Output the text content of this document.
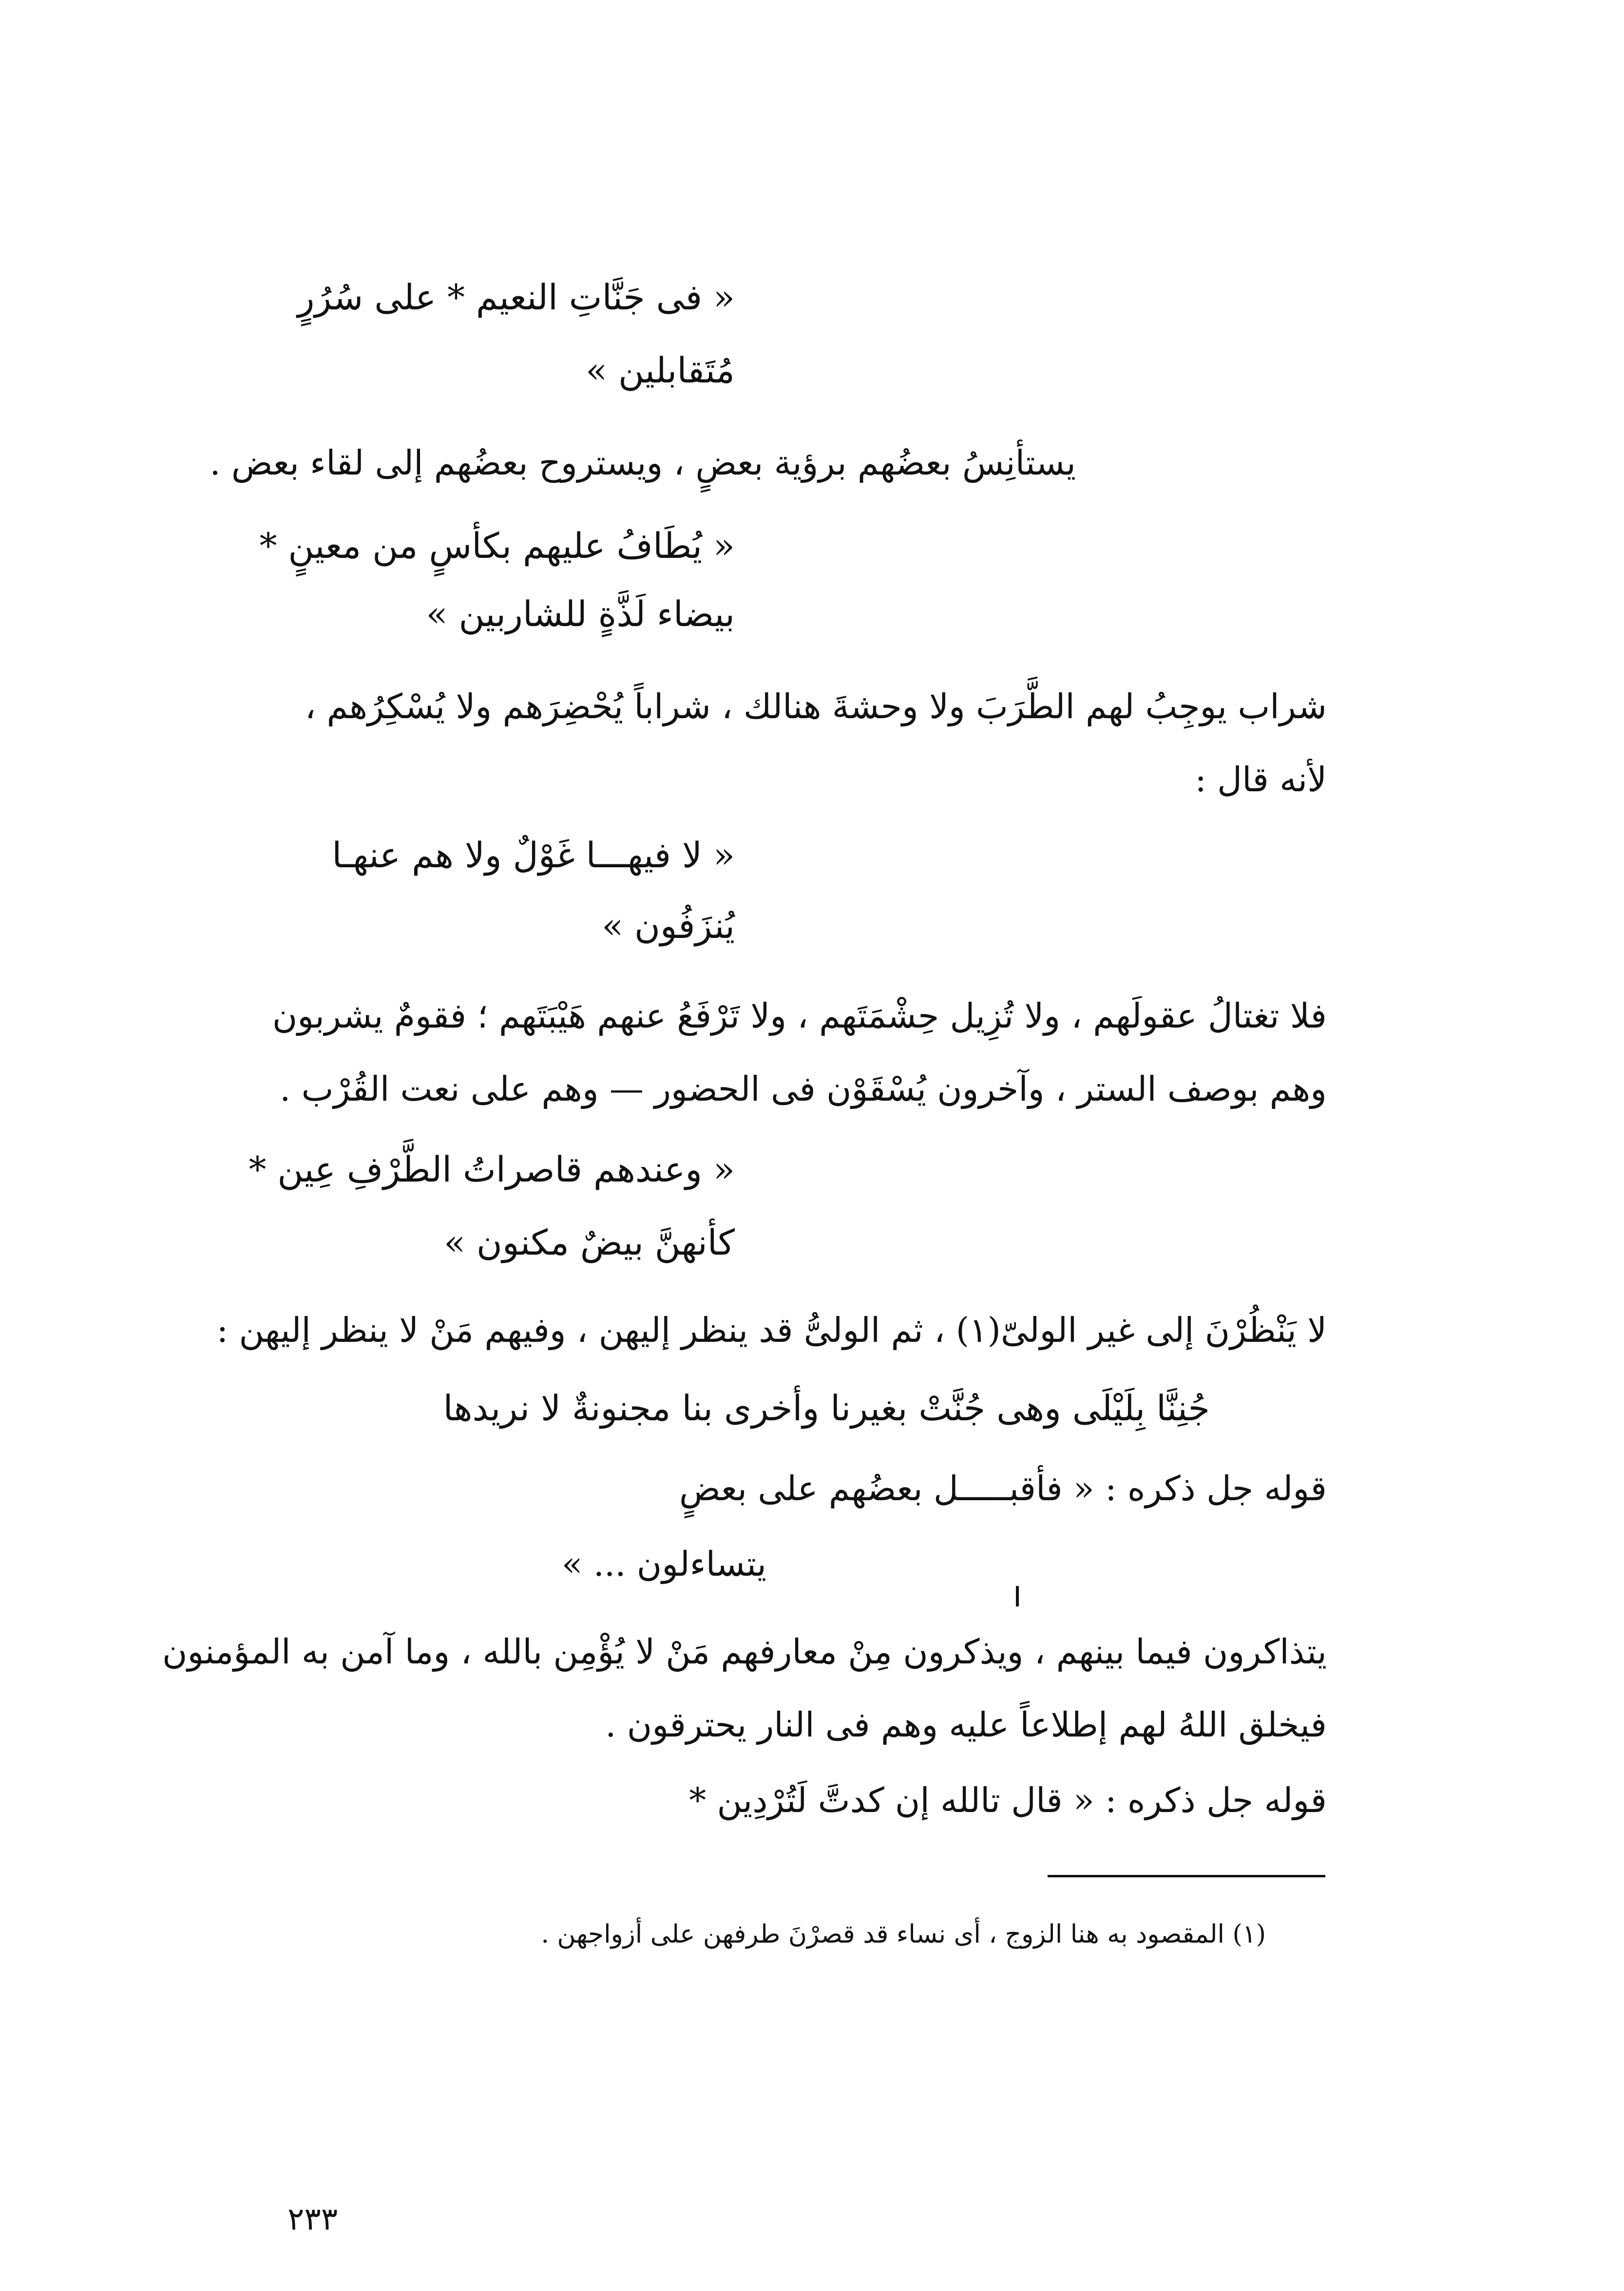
« فى جَنَّاتِ النعيم * على سُرُرٍ
مُتَقابلين »
يستأنِسُ بعضُهم برؤية بعضٍ ، ويستروح بعضُهم إلى لقاء بعض .
« يُطَافُ عليهم بكأسٍ من معينٍ *
بيضاء لَذَّةٍ للشاربين »
شراب يوجِبُ لهم الطَّرَبَ ولا وحشةَ هنالك ، شراباً يُحْضِرَهم ولا يُسْكِرُهم ،
لأنه قال :
« لا فيهـــا غَوْلٌ ولا هم عنهـا
يُنزَفُون »
فلا تغتالُ عقولَهم ، ولا تُزِيل حِشْمَتَهم ، ولا تَرْفَعُ عنهم هَيْبَتَهم ؛ فقومٌ يشربون
وهم بوصف الستر ، وآخرون يُسْقَوْن فى الحضور — وهم على نعت القُرْب .
« وعندهم قاصراتُ الطَّرْفِ عِين *
كأنهنَّ بيضٌ مكنون »
لا يَنْظُرْنَ إلى غير الولىّ(١) ، ثم الولىُّ قد ينظر إليهن ، وفيهم مَنْ لا ينظر إليهن :
جُنِنَّا بِلَيْلَى وهى جُنَّتْ بغيرنا وأخرى بنا مجنونةٌ لا نريدها
قوله جل ذكره : « فأقبـــــل بعضُهم على بعضٍ
يتساءلون ... »
يتذاكرون فيما بينهم ، ويذكرون مِنْ معارفهم مَنْ لا يُؤْمِن بالله ، وما آمن به المؤمنون
فيخلق اللهُ لهم إطلاعاً عليه وهم فى النار يحترقون .
قوله جل ذكره : « قال تالله إن كدتَّ لَتُرْدِين *
(١) المقصود به هنا الزوج ، أى نساء قد قصرْنَ طرفهن على أزواجهن .
٢٣٣
